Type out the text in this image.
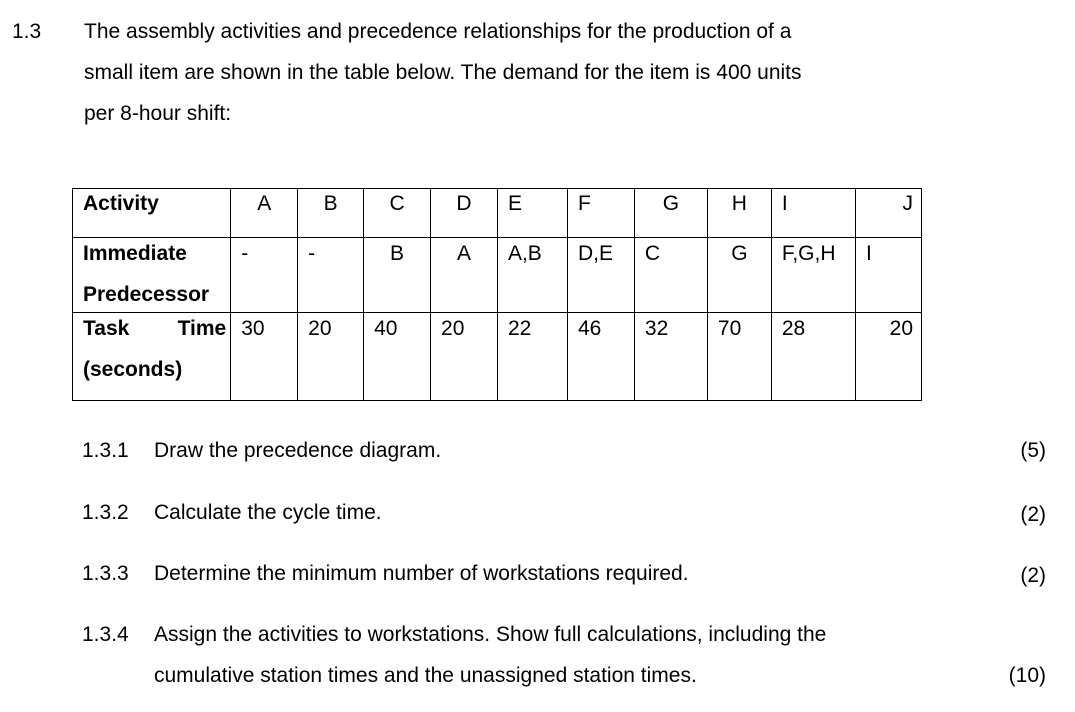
1.3 The assembly activities and precedence relationships for the production of a
small item are shown in the table below. The demand for the item is 400 units
per 8-hour shift:
Activity	A	B	C	D	E	F	G	H	I	J
Immediate
Predecessor	-	-	B	A	A,B	D,E	C	G	F,G,H	I

Task Time
(seconds)	30	20	40	20	22	46	32	70	28	20
1.3.1 Draw the precedence diagram.	(5)
1.3.2 Calculate the cycle time.	(2)
1.3.3 Determine the minimum number of workstations required.	(2)
1.3.4 Assign the activities to workstations. Show full calculations, including the
cumulative station times and the unassigned station times.	(10)
